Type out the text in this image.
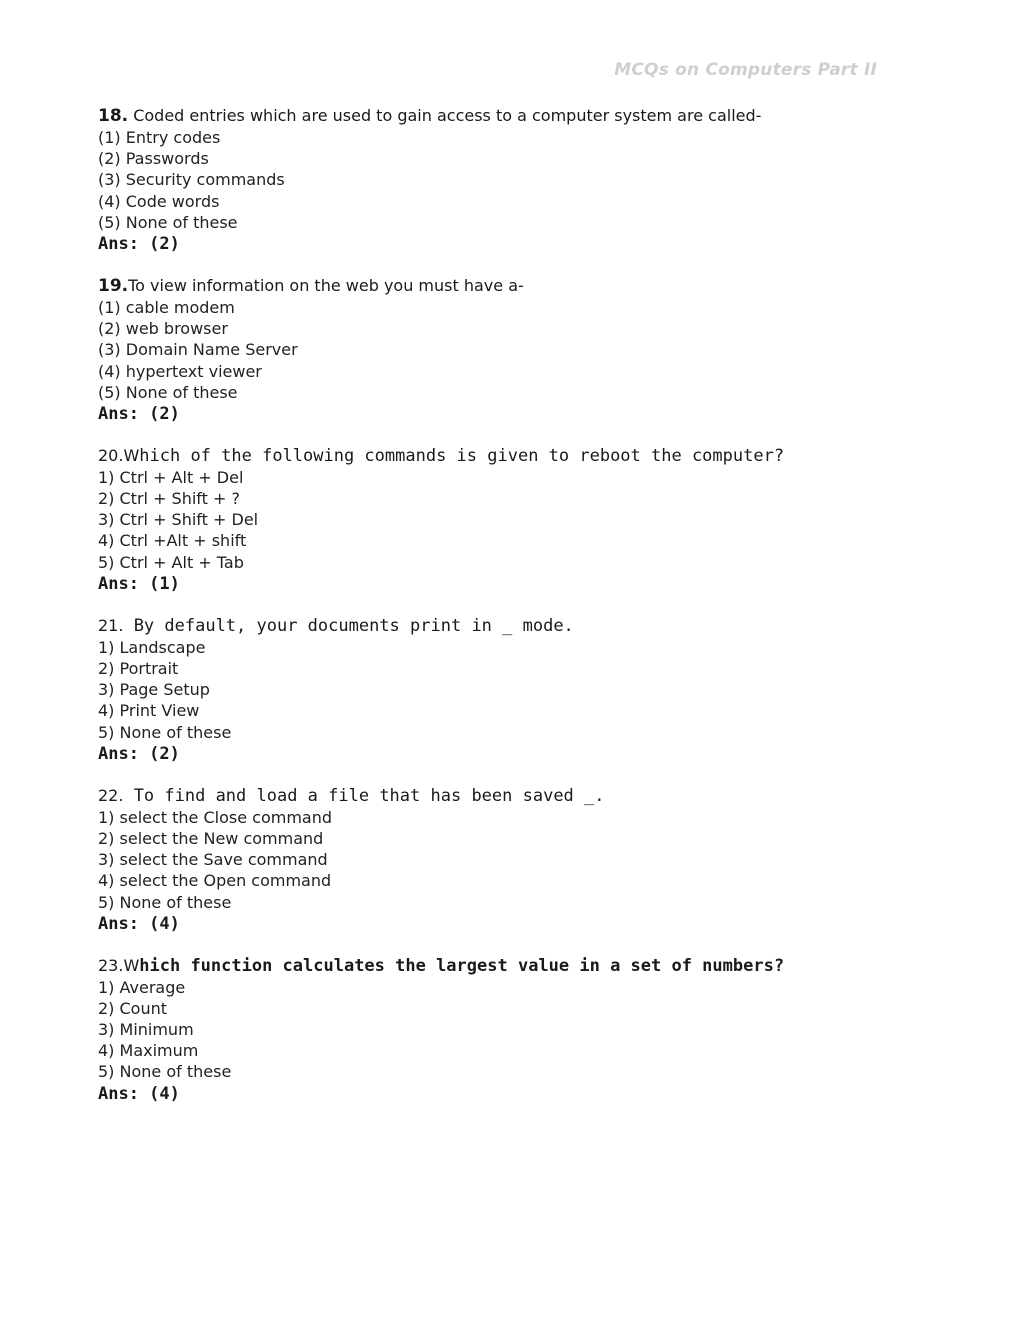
MCQs on Computers Part II
18. Coded entries which are used to gain access to a computer system are called-
(1) Entry codes
(2) Passwords
(3) Security commands
(4) Code words
(5) None of these
Ans: (2)
19.To view information on the web you must have a-
(1) cable modem
(2) web browser
(3) Domain Name Server
(4) hypertext viewer
(5) None of these
Ans: (2)
20.Which of the following commands is given to reboot the computer?
1) Ctrl + Alt + Del
2) Ctrl + Shift + ?
3) Ctrl + Shift + Del
4) Ctrl +Alt + shift
5) Ctrl + Alt + Tab
Ans: (1)
21. By default, your documents print in _ mode.
1) Landscape
2) Portrait
3) Page Setup
4) Print View
5) None of these
Ans: (2)
22. To find and load a file that has been saved _.
1) select the Close command
2) select the New command
3) select the Save command
4) select the Open command
5) None of these
Ans: (4)
23.Which function calculates the largest value in a set of numbers?
1) Average
2) Count
3) Minimum
4) Maximum
5) None of these
Ans: (4)
